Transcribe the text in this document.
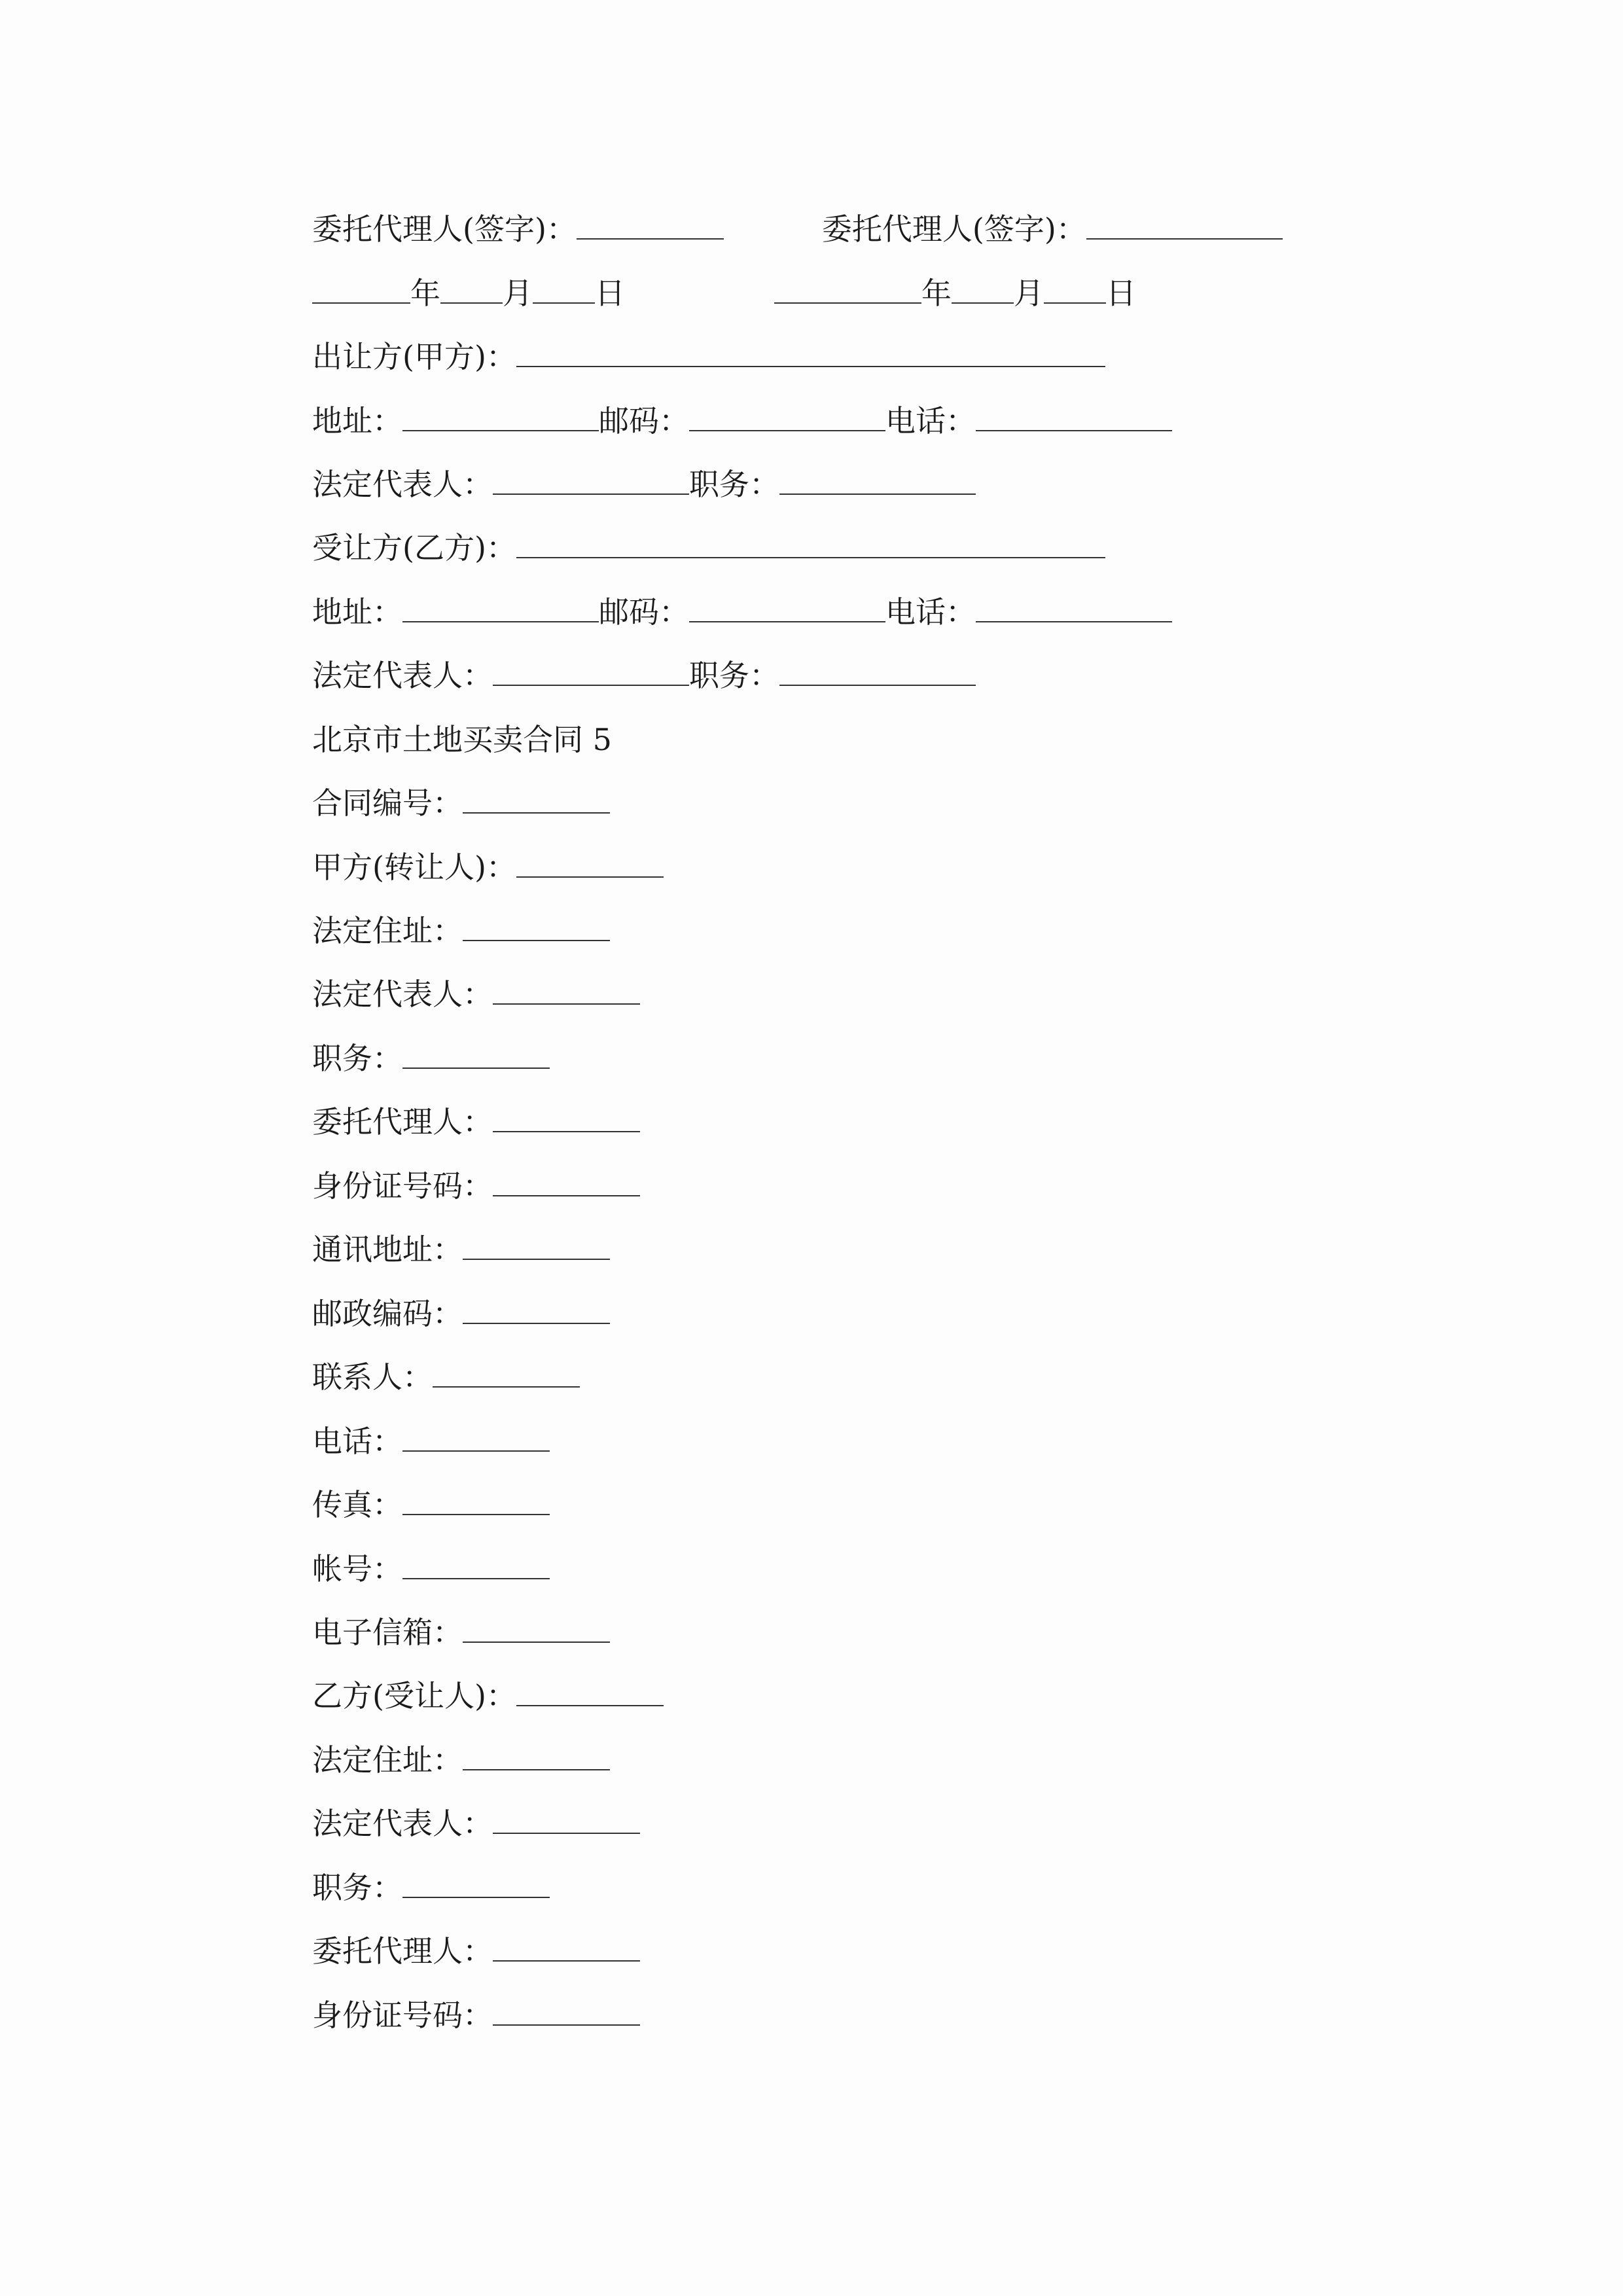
委托代理人(签字)：	委托代理人(签字)：
年 月 日	年 月 日
出让方(甲方)：
地址：	邮码：	电话：
法定代表人：	职务：
受让方(乙方)：
地址：	邮码：	电话：
法定代表人：	职务：
北京市土地买卖合同 5
合同编号：
甲方(转让人)：
法定住址：
法定代表人：
职务：
委托代理人：
身份证号码：
通讯地址：
邮政编码：
联系人：
电话：
传真：
帐号：
电子信箱：
乙方(受让人)：
法定住址：
法定代表人：
职务：
委托代理人：
身份证号码：
